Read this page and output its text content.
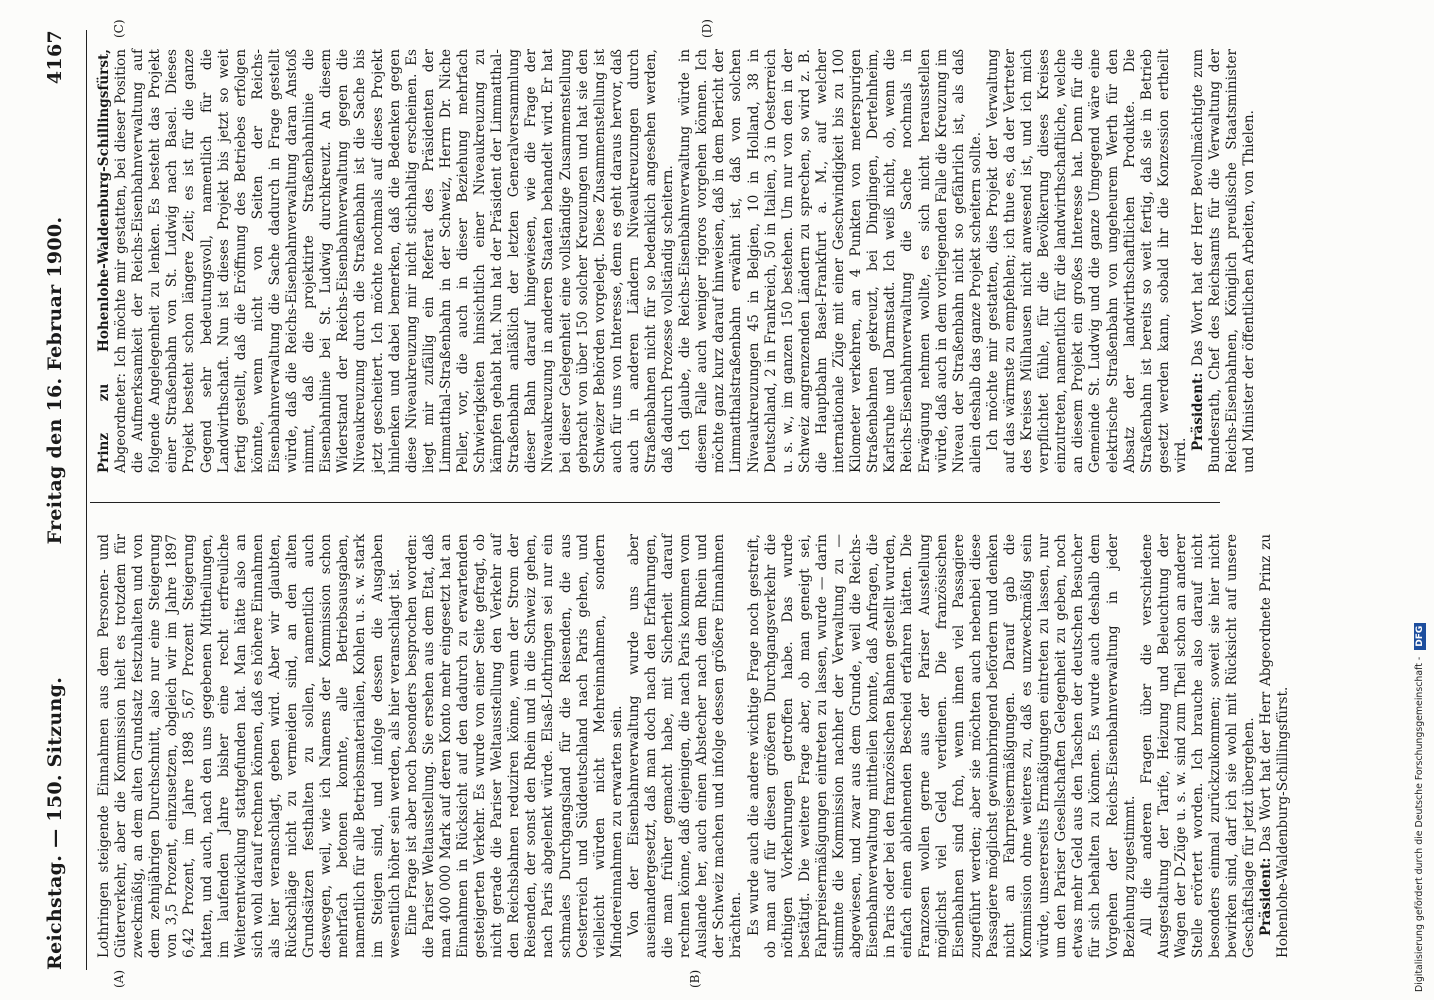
Reichstag. — 150. Sitzung.
Freitag den 16. Februar 1900.
4167
(A)	(B)
(C)	(D)

Lothringen steigende Einnahmen aus dem Personen- und Güterverkehr, aber die Kommission hielt es trotzdem für zweckmäßig, an dem alten Grundsatz festzuhalten und von dem zehnjährigen Durchschnitt, also nur eine Steigerung von 3,5 Prozent, einzusetzen, obgleich wir im Jahre 1897 6,42 Prozent, im Jahre 1898 5,67 Prozent Steigerung hatten, und auch, nach den uns gegebenen Mittheilungen, im laufenden Jahre bisher eine recht erfreuliche Weiterentwicklung stattgefunden hat. Man hätte also an sich wohl darauf rechnen können, daß es höhere Einnahmen als hier veranschlagt, geben wird. Aber wir glaubten, Rückschläge nicht zu vermeiden sind, an den alten Grundsätzen festhalten zu sollen, namentlich auch deswegen, weil, wie ich Namens der Kommission schon mehrfach betonen konnte, alle Betriebsausgaben, namentlich für alle Betriebsmaterialien, Kohlen u. s. w. stark im Steigen sind, und infolge dessen die Ausgaben wesentlich höher sein werden, als hier veranschlagt ist. Eine Frage ist aber noch besonders besprochen worden: die Pariser Weltausstellung. Sie ersehen aus dem Etat, daß man 400 000 Mark auf deren Konto mehr eingesetzt hat an Einnahmen in Rücksicht auf den dadurch zu erwartenden gesteigerten Verkehr. Es wurde von einer Seite gefragt, ob nicht gerade die Pariser Weltausstellung den Verkehr auf den Reichsbahnen reduziren könne, wenn der Strom der Reisenden, der sonst den Rhein und in die Schweiz gehen, nach Paris abgelenkt würde. Elsaß-Lothringen sei nur ein schmales Durchgangsland für die Reisenden, die aus Oesterreich und Süddeutschland nach Paris gehen, und vielleicht würden nicht Mehreinnahmen, sondern Mindereinnahmen zu erwarten sein. Von der Eisenbahnverwaltung wurde uns aber auseinandergesetzt, daß man doch nach den Erfahrungen, die man früher gemacht habe, mit Sicherheit darauf rechnen könne, daß diejenigen, die nach Paris kommen vom Auslande her, auch einen Abstecher nach dem Rhein und der Schweiz machen und infolge dessen größere Einnahmen brächten. Es wurde auch die andere wichtige Frage noch gestreift, ob man auf für diesen größeren Durchgangsverkehr die nöthigen Vorkehrungen getroffen habe. Das wurde bestätigt. Die weitere Frage aber, ob man geneigt sei, Fahrpreisermäßigungen eintreten zu lassen, wurde — darin stimmte die Kommission nachher der Verwaltung zu — abgewiesen, und zwar aus dem Grunde, weil die Reichs-Eisenbahnverwaltung mittheilen konnte, daß Anfragen, die in Paris oder bei den französischen Bahnen gestellt wurden, einfach einen ablehnenden Bescheid erfahren hätten. Die Franzosen wollen gerne aus der Pariser Ausstellung möglichst viel Geld verdienen. Die französischen Eisenbahnen sind froh, wenn ihnen viel Passagiere zugeführt werden; aber sie möchten auch nebenbei diese Passagiere möglichst gewinnbringend befördern und denken nicht an Fahrpreisermäßigungen. Darauf gab die Kommission ohne weiteres zu, daß es unzweckmäßig sein würde, unsererseits Ermäßigungen eintreten zu lassen, nur um den Pariser Gesellschaften Gelegenheit zu geben, noch etwas mehr Geld aus den Taschen der deutschen Besucher für sich behalten zu können. Es wurde auch deshalb dem Vorgehen der Reichs-Eisenbahnverwaltung in jeder Beziehung zugestimmt. All die anderen Fragen über die verschiedene Ausgestaltung der Tarife, Heizung und Beleuchtung der Wagen der D-Züge u. s. w. sind zum Theil schon an anderer Stelle erörtert worden. Ich brauche also darauf nicht besonders einmal zurückzukommen; soweit sie hier nicht bewirken sind, darf ich sie wohl mit Rücksicht auf unsere Geschäftslage für jetzt übergehen. Präsident: Das Wort hat der Herr Abgeordnete Prinz zu Hohenlohe-Waldenburg-Schillingsfürst.

Prinz zu Hohenlohe-Waldenburg-Schillingsfürst, Abgeordneter: Ich möchte mir gestatten, bei dieser Position die Aufmerksamkeit der Reichs-Eisenbahnverwaltung auf folgende Angelegenheit zu lenken. Es besteht das Projekt einer Straßenbahn von St. Ludwig nach Basel. Dieses Projekt besteht schon längere Zeit; es ist für die ganze Gegend sehr bedeutungsvoll, namentlich für die Landwirthschaft. Nun ist dieses Projekt bis jetzt so weit fertig gestellt, daß die Eröffnung des Betriebes erfolgen könnte, wenn nicht von Seiten der Reichs-Eisenbahnverwaltung die Sache dadurch in Frage gestellt würde, daß die Reichs-Eisenbahnverwaltung daran Anstoß nimmt, daß die projektirte Straßenbahnlinie die Eisenbahnlinie bei St. Ludwig durchkreuzt. An diesem Widerstand der Reichs-Eisenbahnverwaltung gegen die Niveaukreuzung durch die Straßenbahn ist die Sache bis jetzt gescheitert. Ich möchte nochmals auf dieses Projekt hinlenken und dabei bemerken, daß die Bedenken gegen diese Niveaukreuzung mir nicht stichhaltig erscheinen. Es liegt mir zufällig ein Referat des Präsidenten der Limmatthal-Straßenbahn in der Schweiz, Herrn Dr. Niche Peller, vor, die auch in dieser Beziehung mehrfach Schwierigkeiten hinsichtlich einer Niveaukreuzung zu kämpfen gehabt hat. Nun hat der Präsident der Limmatthal-Straßenbahn anläßlich der letzten Generalversammlung dieser Bahn darauf hingewiesen, wie die Frage der Niveaukreuzung in anderen Staaten behandelt wird. Er hat bei dieser Gelegenheit eine vollständige Zusammenstellung gebracht von über 150 solcher Kreuzungen und hat sie den Schweizer Behörden vorgelegt. Diese Zusammenstellung ist auch für uns von Interesse, denn es geht daraus hervor, daß auch in anderen Ländern Niveaukreuzungen durch Straßenbahnen nicht für so bedenklich angesehen werden, daß dadurch Prozesse vollständig scheitern. Ich glaube, die Reichs-Eisenbahnverwaltung würde in diesem Falle auch weniger rigoros vorgehen können. Ich möchte ganz kurz darauf hinweisen, daß in dem Bericht der Limmatthalstraßenbahn erwähnt ist, daß von solchen Niveaukreuzungen 45 in Belgien, 10 in Holland, 38 in Deutschland, 2 in Frankreich, 50 in Italien, 3 in Oesterreich u. s. w., im ganzen 150 bestehen. Um nur von den in der Schweiz angrenzenden Ländern zu sprechen, so wird z. B. die Hauptbahn Basel-Frankfurt a. M., auf welcher internationale Züge mit einer Geschwindigkeit bis zu 100 Kilometer verkehren, an 4 Punkten von meterspurigen Straßenbahnen gekreuzt, bei Dinglingen, Dertelnheim, Karlsruhe und Darmstadt. Ich weiß nicht, ob, wenn die Reichs-Eisenbahnverwaltung die Sache nochmals in Erwägung nehmen wollte, es sich nicht herausstellen würde, daß auch in dem vorliegenden Falle die Kreuzung im Niveau der Straßenbahn nicht so gefährlich ist, als daß allein deshalb das ganze Projekt scheitern sollte. Ich möchte mir gestatten, dies Projekt der Verwaltung auf das wärmste zu empfehlen; ich thue es, da der Vertreter des Kreises Mülhausen nicht anwesend ist, und ich mich verpflichtet fühle, für die Bevölkerung dieses Kreises einzutreten, namentlich für die landwirthschaftliche, welche an diesem Projekt ein großes Interesse hat. Denn für die Gemeinde St. Ludwig und die ganze Umgegend wäre eine elektrische Straßenbahn von ungeheurem Werth für den Absatz der landwirthschaftlichen Produkte. Die Straßenbahn ist bereits so weit fertig, daß sie in Betrieb gesetzt werden kann, sobald ihr die Konzession ertheilt wird.

Präsident: Das Wort hat der Herr Bevollmächtigte zum Bundesrath, Chef des Reichsamts für die Verwaltung der Reichs-Eisenbahnen, Königlich preußische Staatsminister und Minister der öffentlichen Arbeiten, von Thielen.

Digitalisierung gefördert durch die Deutsche Forschungsgemeinschaft - DFG
